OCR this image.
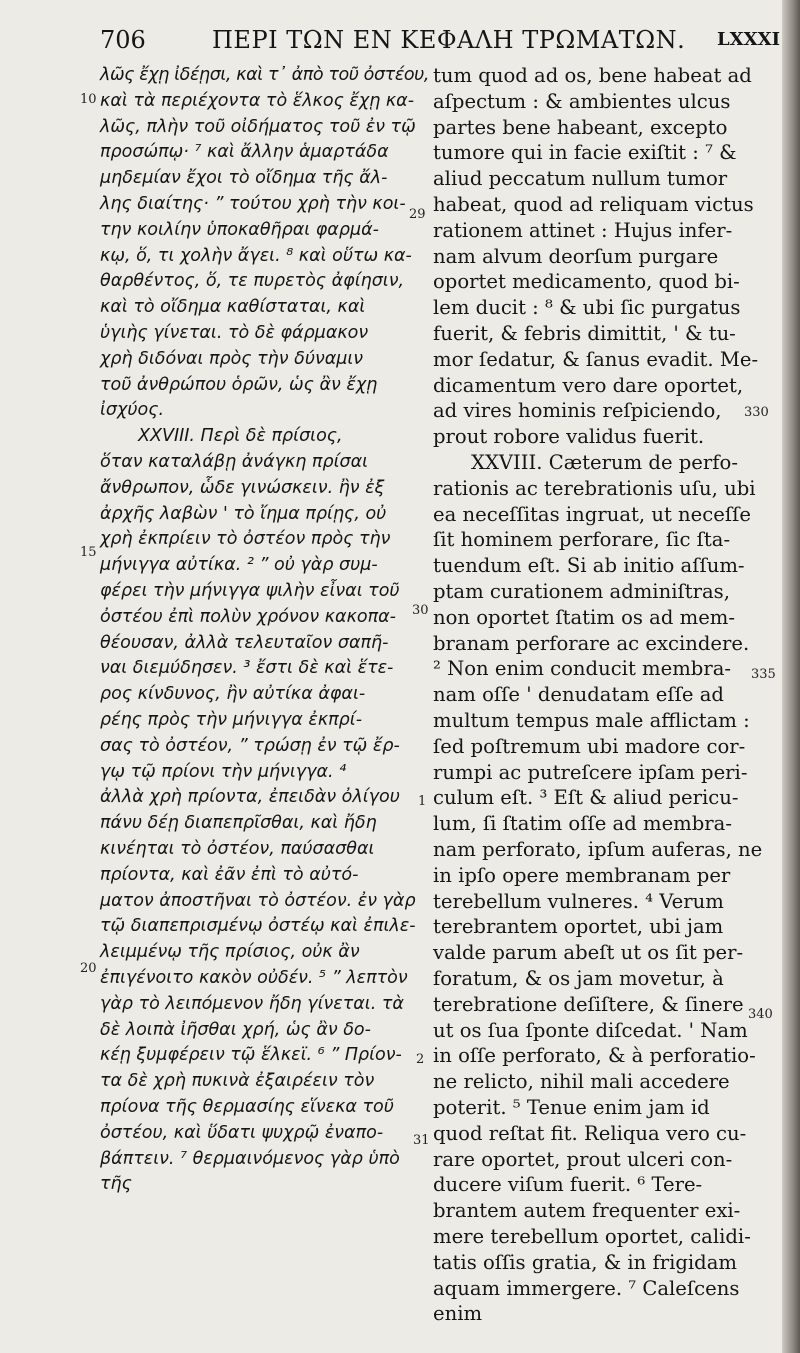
706	ΠΕΡΙ ΤΩΝ ΕΝ ΚΕΦΑΛΗ ΤΡΩΜΑΤΩΝ. LXXXI
λῶς ἔχῃ ἰδέῃσι, καὶ τ᾽ ἀπὸ τοῦ ὀστέου,
καὶ τὰ περιέχοντα τὸ ἕλκος ἔχῃ κα-
λῶς, πλὴν τοῦ οἰδήματος τοῦ ἐν τῷ
προσώπῳ· ⁷ καὶ ἄλλην ἁμαρτάδα
μηδεμίαν ἔχοι τὸ οἴδημα τῆς ἄλ-
λης διαίτης· ” τούτου χρὴ τὴν κοι-
την κοιλίην ὑποκαθῆραι φαρμά-
κῳ, ὅ, τι χολὴν ἄγει. ⁸ καὶ οὕτω κα-
θαρθέντος, ὅ, τε πυρετὸς ἀφίησιν,
καὶ τὸ οἴδημα καθίσταται, καὶ
ὑγιὴς γίνεται. τὸ δὲ φάρμακον
χρὴ διδόναι πρὸς τὴν δύναμιν
τοῦ ἀνθρώπου ὁρῶν, ὡς ἂν ἔχῃ
ἰσχύος.
XXVIII. Περὶ δὲ πρίσιος,
ὅταν καταλάβῃ ἀνάγκη πρίσαι
ἄνθρωπον, ὧδε γινώσκειν. ἢν ἐξ
ἀρχῆς λαβὼν ' τὸ ἴημα πρίῃς, οὐ
χρὴ ἐκπρίειν τὸ ὀστέον πρὸς τὴν
μήνιγγα αὐτίκα. ² ” οὐ γὰρ συμ-
φέρει τὴν μήνιγγα ψιλὴν εἶναι τοῦ
ὀστέου ἐπὶ πολὺν χρόνον κακοπα-
θέουσαν, ἀλλὰ τελευταῖον σαπῆ-
ναι διεμύδησεν. ³ ἔστι δὲ καὶ ἕτε-
ρος κίνδυνος, ἢν αὐτίκα ἀφαι-
ρέης πρὸς τὴν μήνιγγα ἐκπρί-
σας τὸ ὀστέον, ” τρώσῃ ἐν τῷ ἔρ-
γῳ τῷ πρίονι τὴν μήνιγγα. ⁴
ἀλλὰ χρὴ πρίοντα, ἐπειδὰν ὀλίγου
πάνυ δέῃ διαπεπρῖσθαι, καὶ ἤδη
κινέηται τὸ ὀστέον, παύσασθαι
πρίοντα, καὶ ἐᾶν ἐπὶ τὸ αὐτό-
ματον ἀποστῆναι τὸ ὀστέον. ἐν γὰρ
τῷ διαπεπρισμένῳ ὀστέῳ καὶ ἐπιλε-
λειμμένῳ τῆς πρίσιος, οὐκ ἂν
ἐπιγένοιτο κακὸν οὐδέν. ⁵ ” λεπτὸν
γὰρ τὸ λειπόμενον ἤδη γίνεται. τὰ
δὲ λοιπὰ ἰῆσθαι χρή, ὡς ἂν δο-
κέῃ ξυμφέρειν τῷ ἕλκεϊ. ⁶ ” Πρίον-
τα δὲ χρὴ πυκινὰ ἐξαιρέειν τὸν
πρίονα τῆς θερμασίης εἵνεκα τοῦ
ὀστέου, καὶ ὕδατι ψυχρῷ ἐναπο-
βάπτειν. ⁷ θερμαινόμενος γὰρ ὑπὸ
τῆς
tum quod ad os, bene habeat ad
aſpectum : & ambientes ulcus
partes bene habeant, excepto
tumore qui in facie exiſtit : ⁷ &
aliud peccatum nullum tumor
habeat, quod ad reliquam victus
rationem attinet : Hujus infer-
nam alvum deorſum purgare
oportet medicamento, quod bi-
lem ducit : ⁸ & ubi ſic purgatus
fuerit, & febris dimittit, ' & tu-
mor ſedatur, & ſanus evadit. Me-
dicamentum vero dare oportet,
ad vires hominis reſpiciendo,
prout robore validus fuerit.
XXVIII. Cæterum de perfo-
rationis ac terebrationis uſu, ubi
ea neceſſitas ingruat, ut neceſſe
ſit hominem perforare, ſic ſta-
tuendum eſt. Si ab initio aſſum-
ptam curationem adminiſtras,
non oportet ſtatim os ad mem-
branam perforare ac excindere.
² Non enim conducit membra-
nam oſſe ' denudatam eſſe ad
multum tempus male afflictam :
ſed poſtremum ubi madore cor-
rumpi ac putreſcere ipſam peri-
culum eſt. ³ Eſt & aliud pericu-
lum, ſi ſtatim oſſe ad membra-
nam perforato, ipſum auferas, ne
in ipſo opere membranam per
terebellum vulneres. ⁴ Verum
terebrantem oportet, ubi jam
valde parum abeſt ut os ſit per-
foratum, & os jam movetur, à
terebratione deſiſtere, & ſinere
ut os ſua ſponte diſcedat. ' Nam
in oſſe perforato, & à perforatio-
ne relicto, nihil mali accedere
poterit. ⁵ Tenue enim jam id
quod reſtat fit. Reliqua vero cu-
rare oportet, prout ulceri con-
ducere viſum fuerit. ⁶ Tere-
brantem autem frequenter exi-
mere terebellum oportet, calidi-
tatis oſſis gratia, & in frigidam
aquam immergere. ⁷ Caleſcens
enim
10
29
330
15
30
335
1
20
340
2
31
